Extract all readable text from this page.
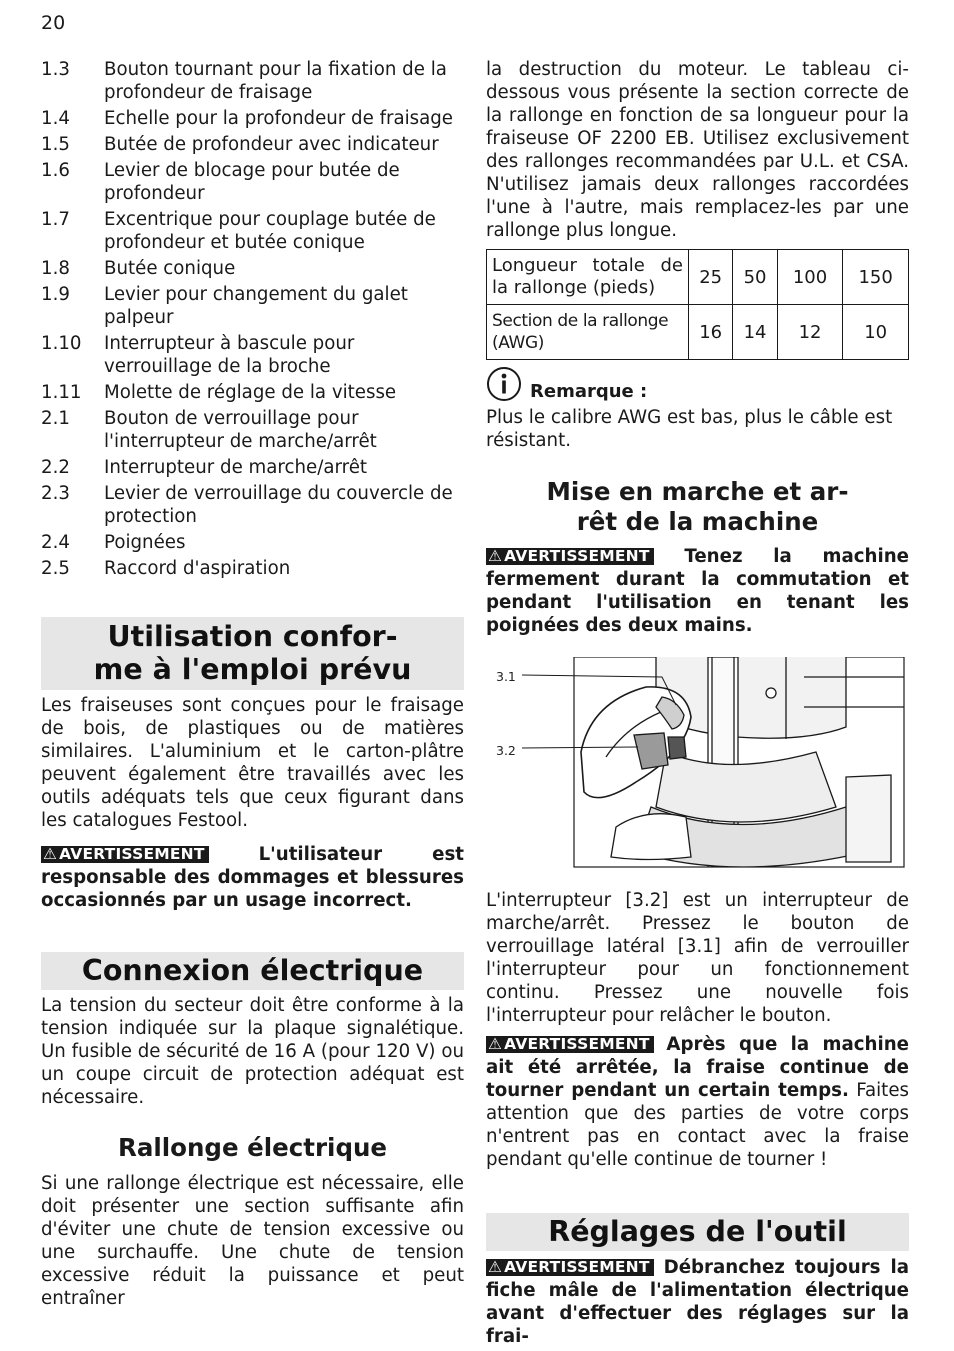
20
1.3	Bouton tournant pour la fixation de la profondeur de fraisage
1.4	Echelle pour la profondeur de fraisage
1.5	Butée de profondeur avec indicateur
1.6	Levier de blocage pour butée de profondeur
1.7	Excentrique pour couplage butée de profondeur et butée conique
1.8	Butée conique
1.9	Levier pour changement du galet palpeur
1.10	Interrupteur à bascule pour verrouillage de la broche
1.11	Molette de réglage de la vitesse
2.1	Bouton de verrouillage pour l'interrupteur de marche/arrêt
2.2	Interrupteur de marche/arrêt
2.3	Levier de verrouillage du couvercle de protection
2.4	Poignées
2.5	Raccord d'aspiration
Utilisation confor-
me à l'emploi prévu

Les fraiseuses sont conçues pour le fraisage de bois, de plastiques ou de matières similaires. L'aluminium et le carton-plâtre peuvent également être travaillés avec les outils adéquats tels que ceux figurant dans les catalogues Festool.

⚠ AVERTISSEMENT	L'utilisateur est responsable des dommages et blessures occasionnés par un usage incorrect.

Connexion électrique

La tension du secteur doit être conforme à la tension indiquée sur la plaque signalétique. Un fusible de sécurité de 16 A (pour 120 V) ou un coupe circuit de protection adéquat est nécessaire.

Rallonge électrique

Si une rallonge électrique est nécessaire, elle doit présenter une section suffisante afin d'éviter une chute de tension excessive ou une surchauffe. Une chute de tension excessive réduit la puissance et peut entraîner

la destruction du moteur. Le tableau ci-dessous vous présente la section correcte de la rallonge en fonction de sa longueur pour la fraiseuse OF 2200 EB. Utilisez exclusivement des rallonges recommandées par U.L. et CSA. N'utilisez jamais deux rallonges raccordées l'une à l'autre, mais remplacez-les par une rallonge plus longue.

Longueur totale de la rallonge (pieds)	25	50	100	150
Section de la rallonge (AWG)	16	14	12	10
Remarque :

Plus le calibre AWG est bas, plus le câble est résistant.

Mise en marche et ar-
rêt de la machine

⚠ AVERTISSEMENT Tenez la machine fermement durant la commutation et pendant l'utilisation en tenant les poignées des deux mains.

3.1
3.2

L'interrupteur [3.2] est un interrupteur de marche/arrêt. Pressez le bouton de verrouillage latéral [3.1] afin de verrouiller l'interrupteur pour un fonctionnement continu. Pressez une nouvelle fois l'interrupteur pour relâcher le bouton.

⚠ AVERTISSEMENT Après que la machine ait été arrêtée, la fraise continue de tourner pendant un certain temps. Faites attention que des parties de votre corps n'entrent pas en contact avec la fraise pendant qu'elle continue de tourner !

Réglages de l'outil

⚠ AVERTISSEMENT Débranchez toujours la fiche mâle de l'alimentation électrique avant d'effectuer des réglages sur la frai-
